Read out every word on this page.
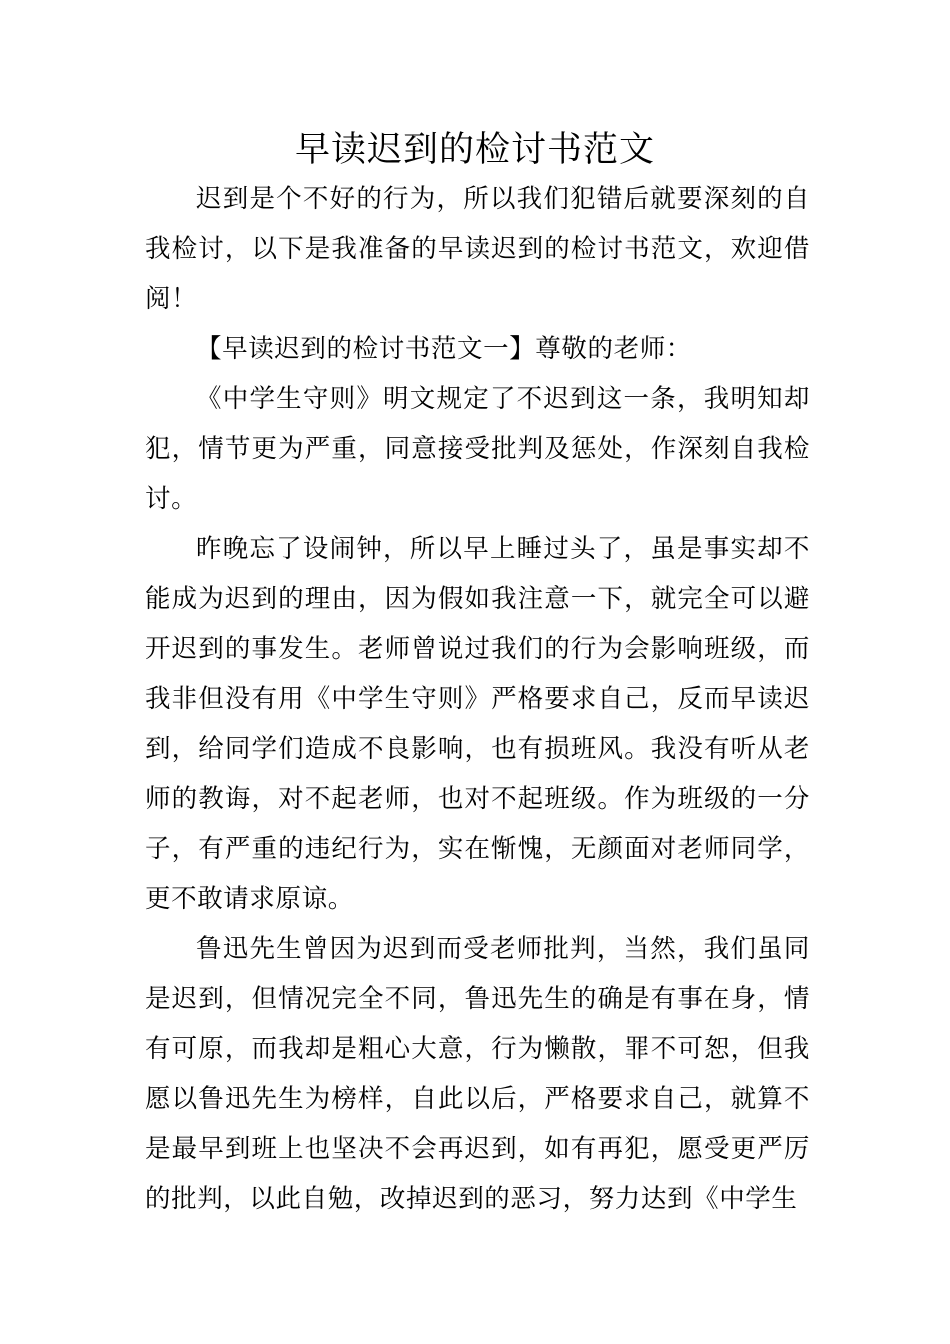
早读迟到的检讨书范文

迟到是个不好的行为，所以我们犯错后就要深刻的自我检讨，以下是我准备的早读迟到的检讨书范文，欢迎借阅！

【早读迟到的检讨书范文一】尊敬的老师：

《中学生守则》明文规定了不迟到这一条，我明知却犯，情节更为严重，同意接受批判及惩处，作深刻自我检讨。

昨晚忘了设闹钟，所以早上睡过头了，虽是事实却不能成为迟到的理由，因为假如我注意一下，就完全可以避开迟到的事发生。老师曾说过我们的行为会影响班级，而我非但没有用《中学生守则》严格要求自己，反而早读迟到，给同学们造成不良影响，也有损班风。我没有听从老师的教诲，对不起老师，也对不起班级。作为班级的一分子，有严重的违纪行为，实在惭愧，无颜面对老师同学，更不敢请求原谅。

鲁迅先生曾因为迟到而受老师批判，当然，我们虽同是迟到，但情况完全不同，鲁迅先生的确是有事在身，情有可原，而我却是粗心大意，行为懒散，罪不可恕，但我愿以鲁迅先生为榜样，自此以后，严格要求自己，就算不是最早到班上也坚决不会再迟到，如有再犯，愿受更严厉的批判，以此自勉，改掉迟到的恶习，努力达到《中学生
